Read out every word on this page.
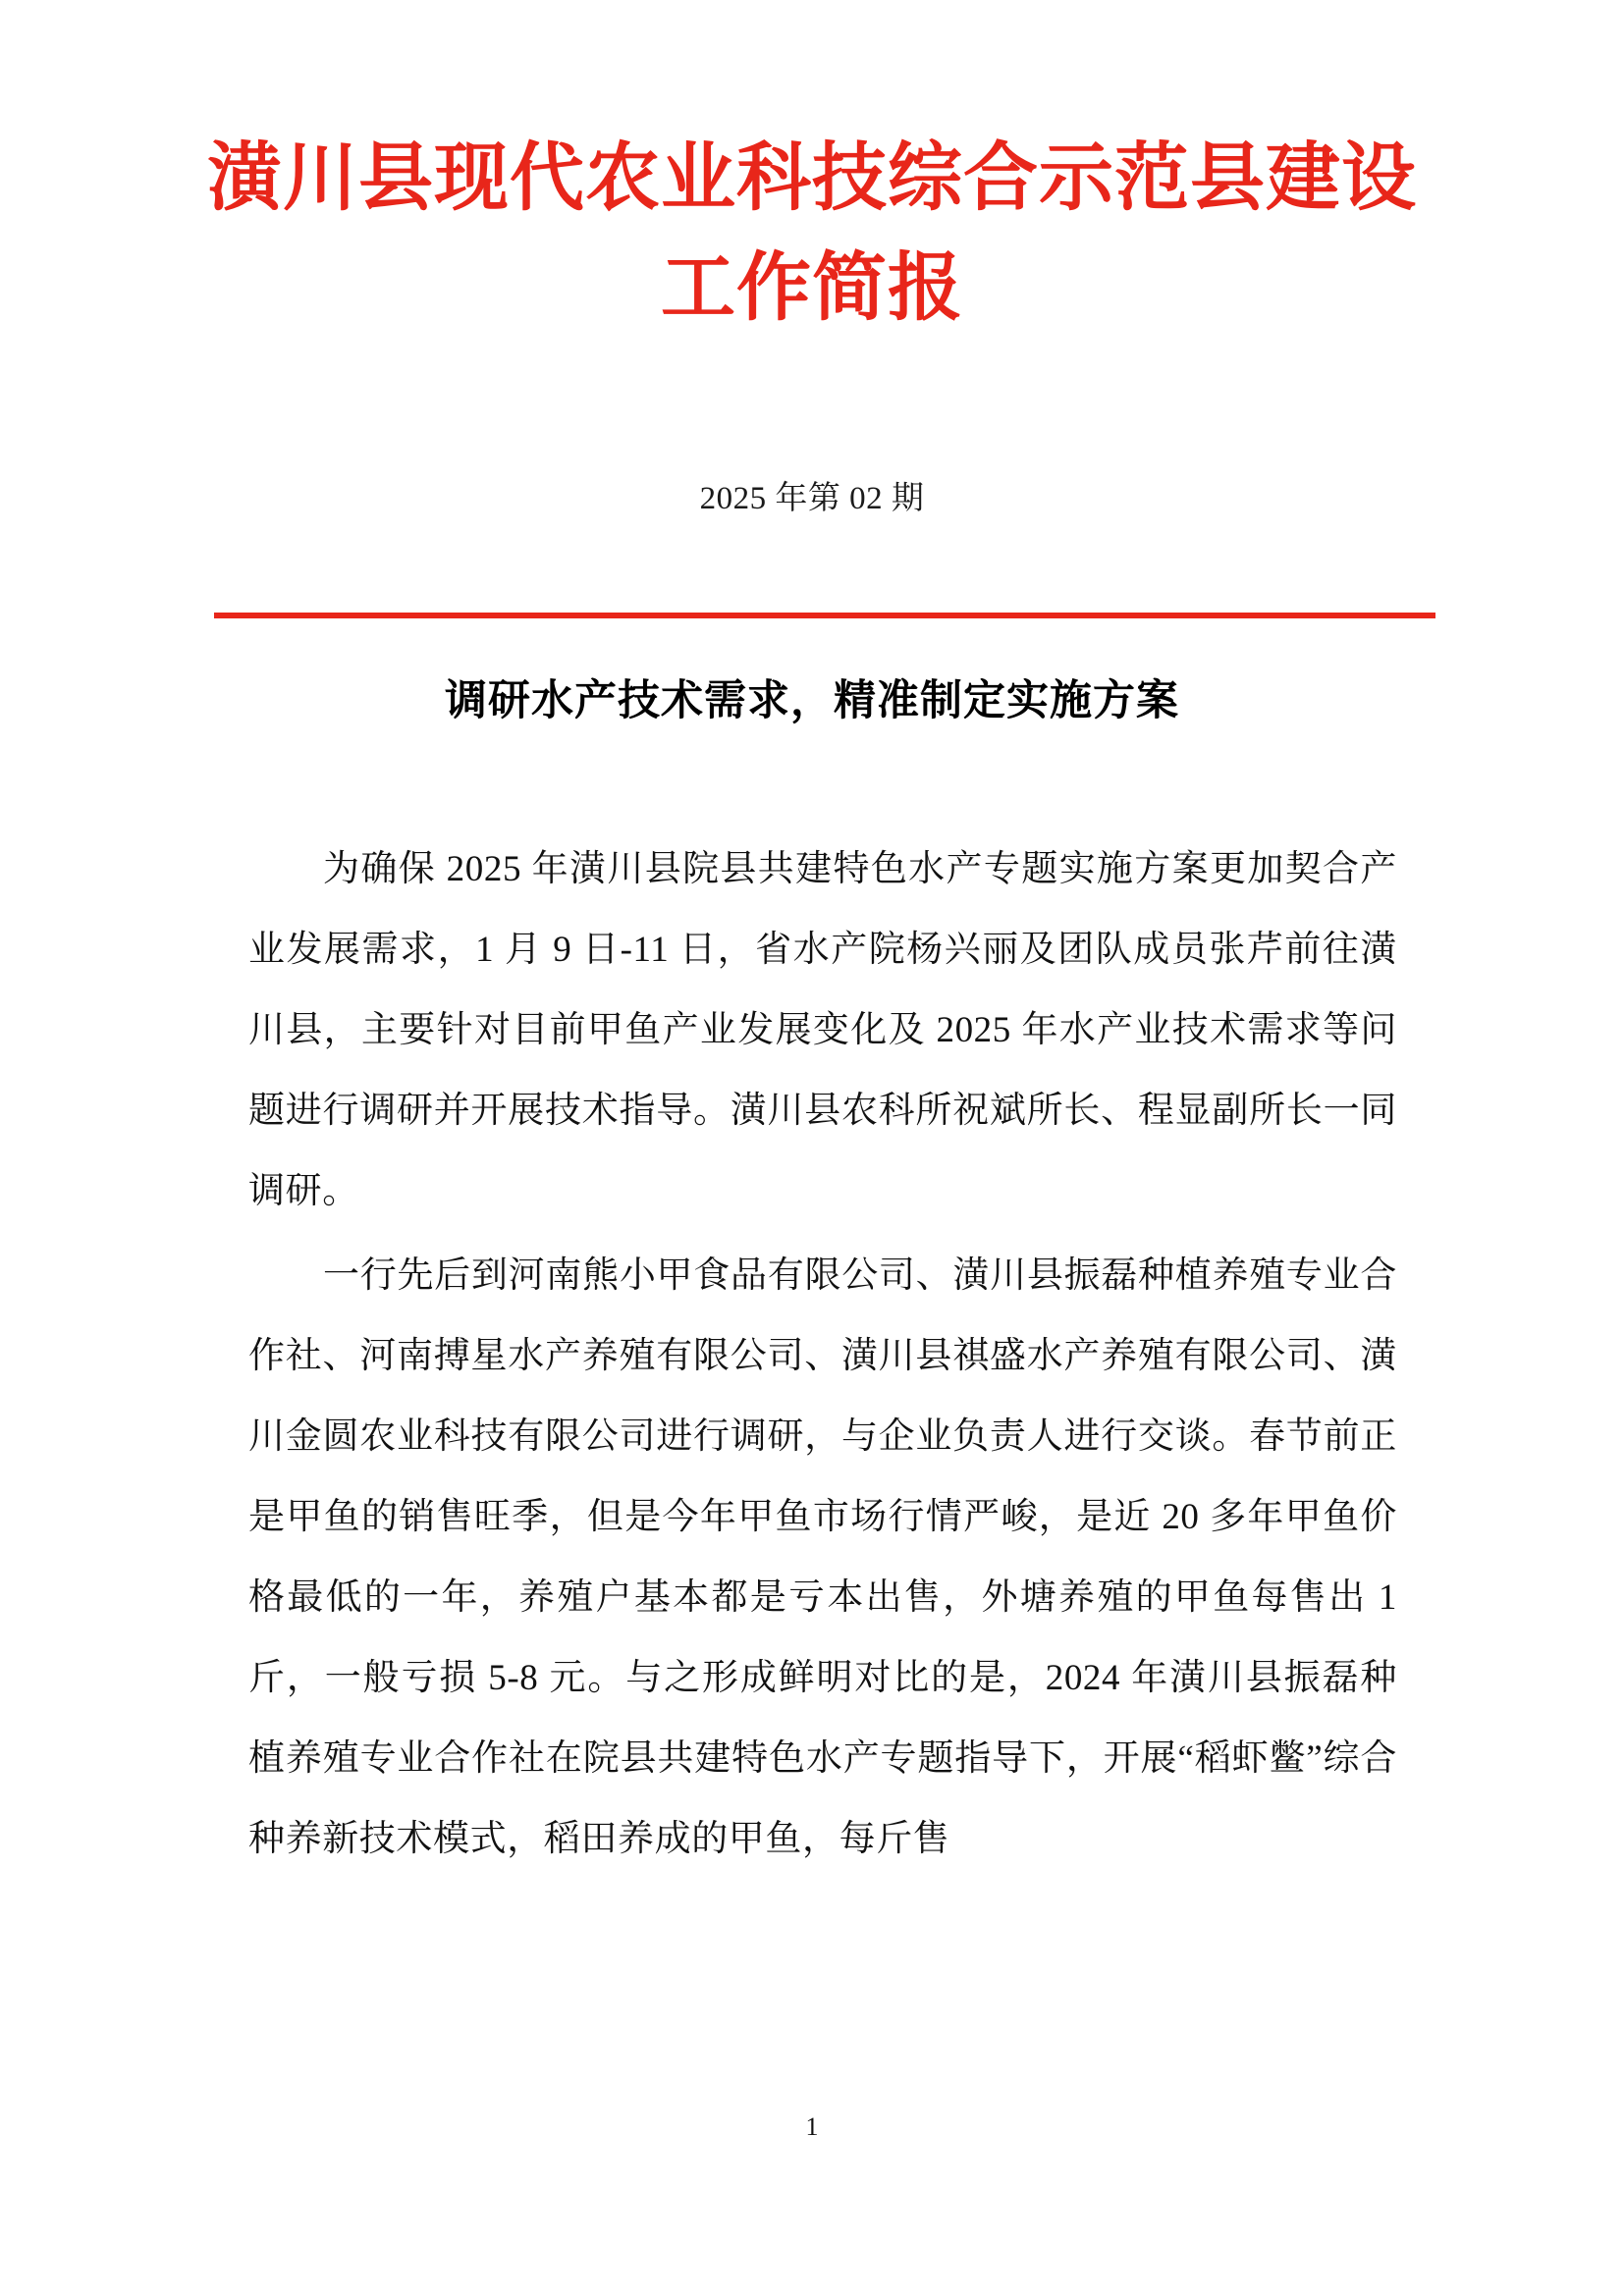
潢川县现代农业科技综合示范县建设
工作简报
2025 年第 02 期
调研水产技术需求，精准制定实施方案

为确保 2025 年潢川县院县共建特色水产专题实施方案更加契合产业发展需求，1 月 9 日-11 日，省水产院杨兴丽及团队成员张芹前往潢川县，主要针对目前甲鱼产业发展变化及 2025 年水产业技术需求等问题进行调研并开展技术指导。潢川县农科所祝斌所长、程显副所长一同调研。

一行先后到河南熊小甲食品有限公司、潢川县振磊种植养殖专业合作社、河南搏星水产养殖有限公司、潢川县祺盛水产养殖有限公司、潢川金圆农业科技有限公司进行调研，与企业负责人进行交谈。春节前正是甲鱼的销售旺季，但是今年甲鱼市场行情严峻，是近 20 多年甲鱼价格最低的一年，养殖户基本都是亏本出售，外塘养殖的甲鱼每售出 1 斤，一般亏损 5-8 元。与之形成鲜明对比的是，2024 年潢川县振磊种植养殖专业合作社在院县共建特色水产专题指导下，开展“稻虾鳖”综合种养新技术模式，稻田养成的甲鱼，每斤售

1
